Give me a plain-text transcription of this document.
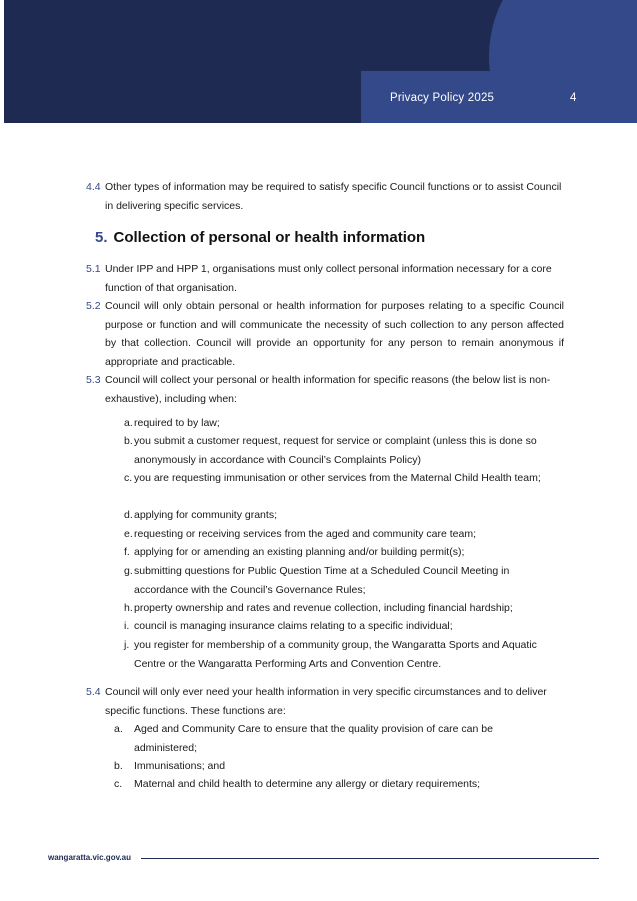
Privacy Policy 2025	4
4.4 Other types of information may be required to satisfy specific Council functions or to assist Council in delivering specific services.
5. Collection of personal or health information
5.1 Under IPP and HPP 1, organisations must only collect personal information necessary for a core function of that organisation.
5.2 Council will only obtain personal or health information for purposes relating to a specific Council purpose or function and will communicate the necessity of such collection to any person affected by that collection. Council will provide an opportunity for any person to remain anonymous if appropriate and practicable.
5.3 Council will collect your personal or health information for specific reasons (the below list is non-exhaustive), including when:
a. required to by law;
b. you submit a customer request, request for service or complaint (unless this is done so anonymously in accordance with Council’s Complaints Policy)
c. you are requesting immunisation or other services from the Maternal Child Health team;
d. applying for community grants;
e. requesting or receiving services from the aged and community care team;
f. applying for or amending an existing planning and/or building permit(s);
g. submitting questions for Public Question Time at a Scheduled Council Meeting in accordance with the Council’s Governance Rules;
h. property ownership and rates and revenue collection, including financial hardship;
i. council is managing insurance claims relating to a specific individual;
j. you register for membership of a community group, the Wangaratta Sports and Aquatic Centre or the Wangaratta Performing Arts and Convention Centre.
5.4 Council will only ever need your health information in very specific circumstances and to deliver specific functions. These functions are:
a. Aged and Community Care to ensure that the quality provision of care can be administered;
b. Immunisations; and
c. Maternal and child health to determine any allergy or dietary requirements;
wangaratta.vic.gov.au
